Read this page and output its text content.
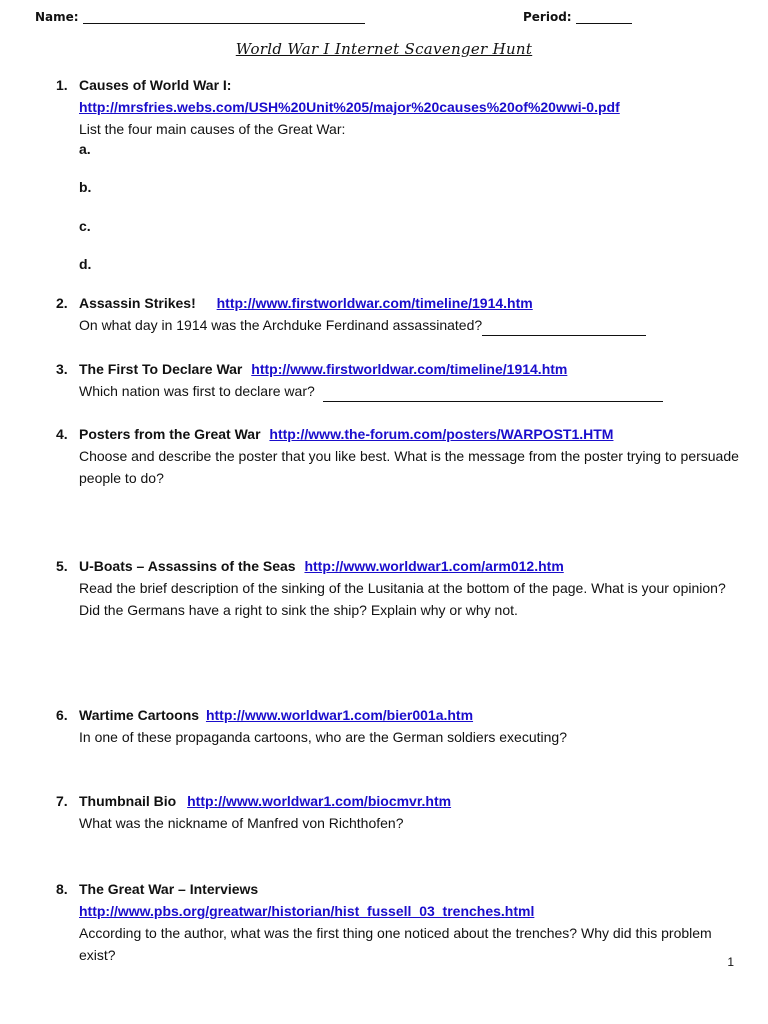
Name:	Period:
World War I Internet Scavenger Hunt
1. Causes of World War I:
http://mrsfries.webs.com/USH%20Unit%205/major%20causes%20of%20wwi-0.pdf
List the four main causes of the Great War:
a.
b.
c.
d.
2. Assassin Strikes! http://www.firstworldwar.com/timeline/1914.htm
On what day in 1914 was the Archduke Ferdinand assassinated?
3. The First To Declare War http://www.firstworldwar.com/timeline/1914.htm
Which nation was first to declare war?
4. Posters from the Great War http://www.the-forum.com/posters/WARPOST1.HTM
Choose and describe the poster that you like best. What is the message from the poster trying to persuade people to do?
5. U-Boats – Assassins of the Seas http://www.worldwar1.com/arm012.htm
Read the brief description of the sinking of the Lusitania at the bottom of the page. What is your opinion? Did the Germans have a right to sink the ship? Explain why or why not.
6. Wartime Cartoons http://www.worldwar1.com/bier001a.htm
In one of these propaganda cartoons, who are the German soldiers executing?
7. Thumbnail Bio http://www.worldwar1.com/biocmvr.htm
What was the nickname of Manfred von Richthofen?
8. The Great War – Interviews
http://www.pbs.org/greatwar/historian/hist_fussell_03_trenches.html
According to the author, what was the first thing one noticed about the trenches? Why did this problem exist?	1
